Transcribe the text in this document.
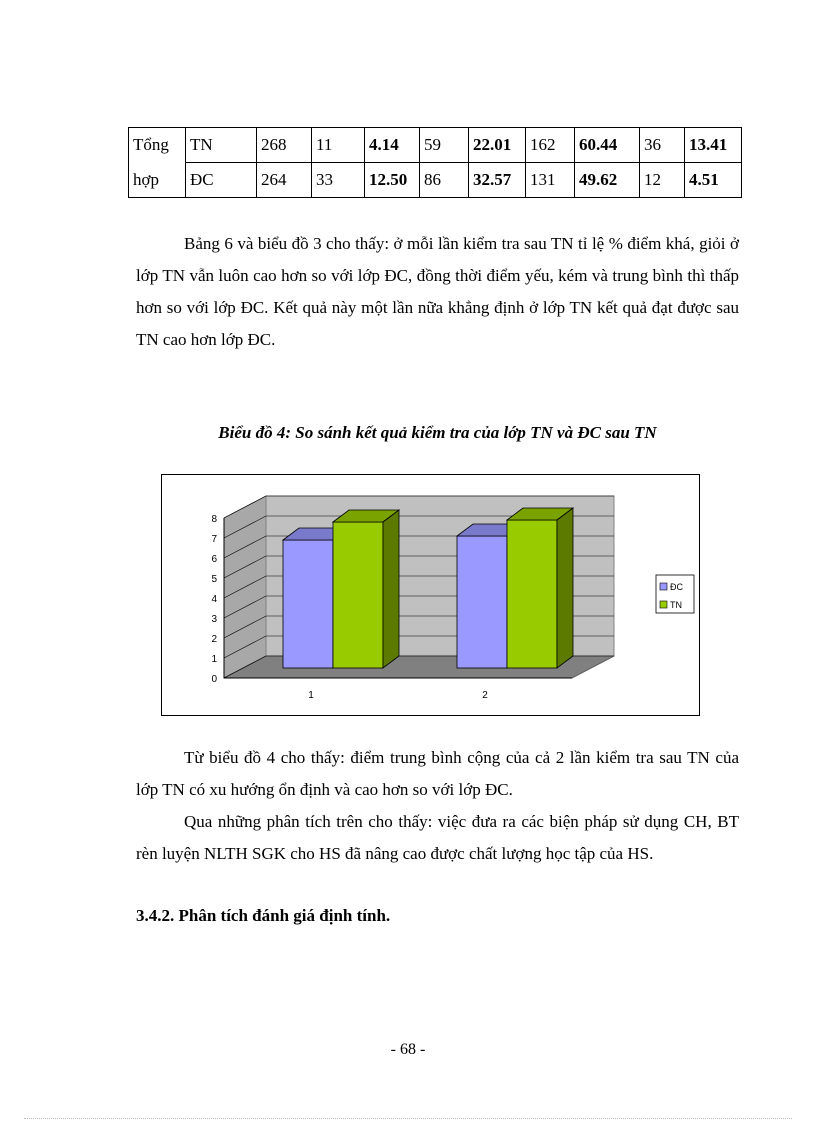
Tổng	TN	268	11	4.14	59	22.01	162	60.44	36	13.41
hợp	ĐC	264	33	12.50	86	32.57	131	49.62	12	4.51

Bảng 6 và biểu đồ 3 cho thấy: ở mỗi lần kiểm tra sau TN tỉ lệ % điểm khá, giỏi ở lớp TN vẫn luôn cao hơn so với lớp ĐC, đồng thời điểm yếu, kém và trung bình thì thấp hơn so với lớp ĐC. Kết quả này một lần nữa khẳng định ở lớp TN kết quả đạt được sau TN cao hơn lớp ĐC.

Biểu đồ 4: So sánh kết quả kiểm tra của lớp TN và ĐC sau TN

0
1
2
3
4
5
6
7
8
1	2
ĐC
TN

Từ biểu đồ 4 cho thấy: điểm trung bình cộng của cả 2 lần kiểm tra sau TN của lớp TN có xu hướng ổn định và cao hơn so với lớp ĐC.

Qua những phân tích trên cho thấy: việc đưa ra các biện pháp sử dụng CH, BT rèn luyện NLTH SGK cho HS đã nâng cao được chất lượng học tập của HS.

3.4.2. Phân tích đánh giá định tính.

- 68 -
